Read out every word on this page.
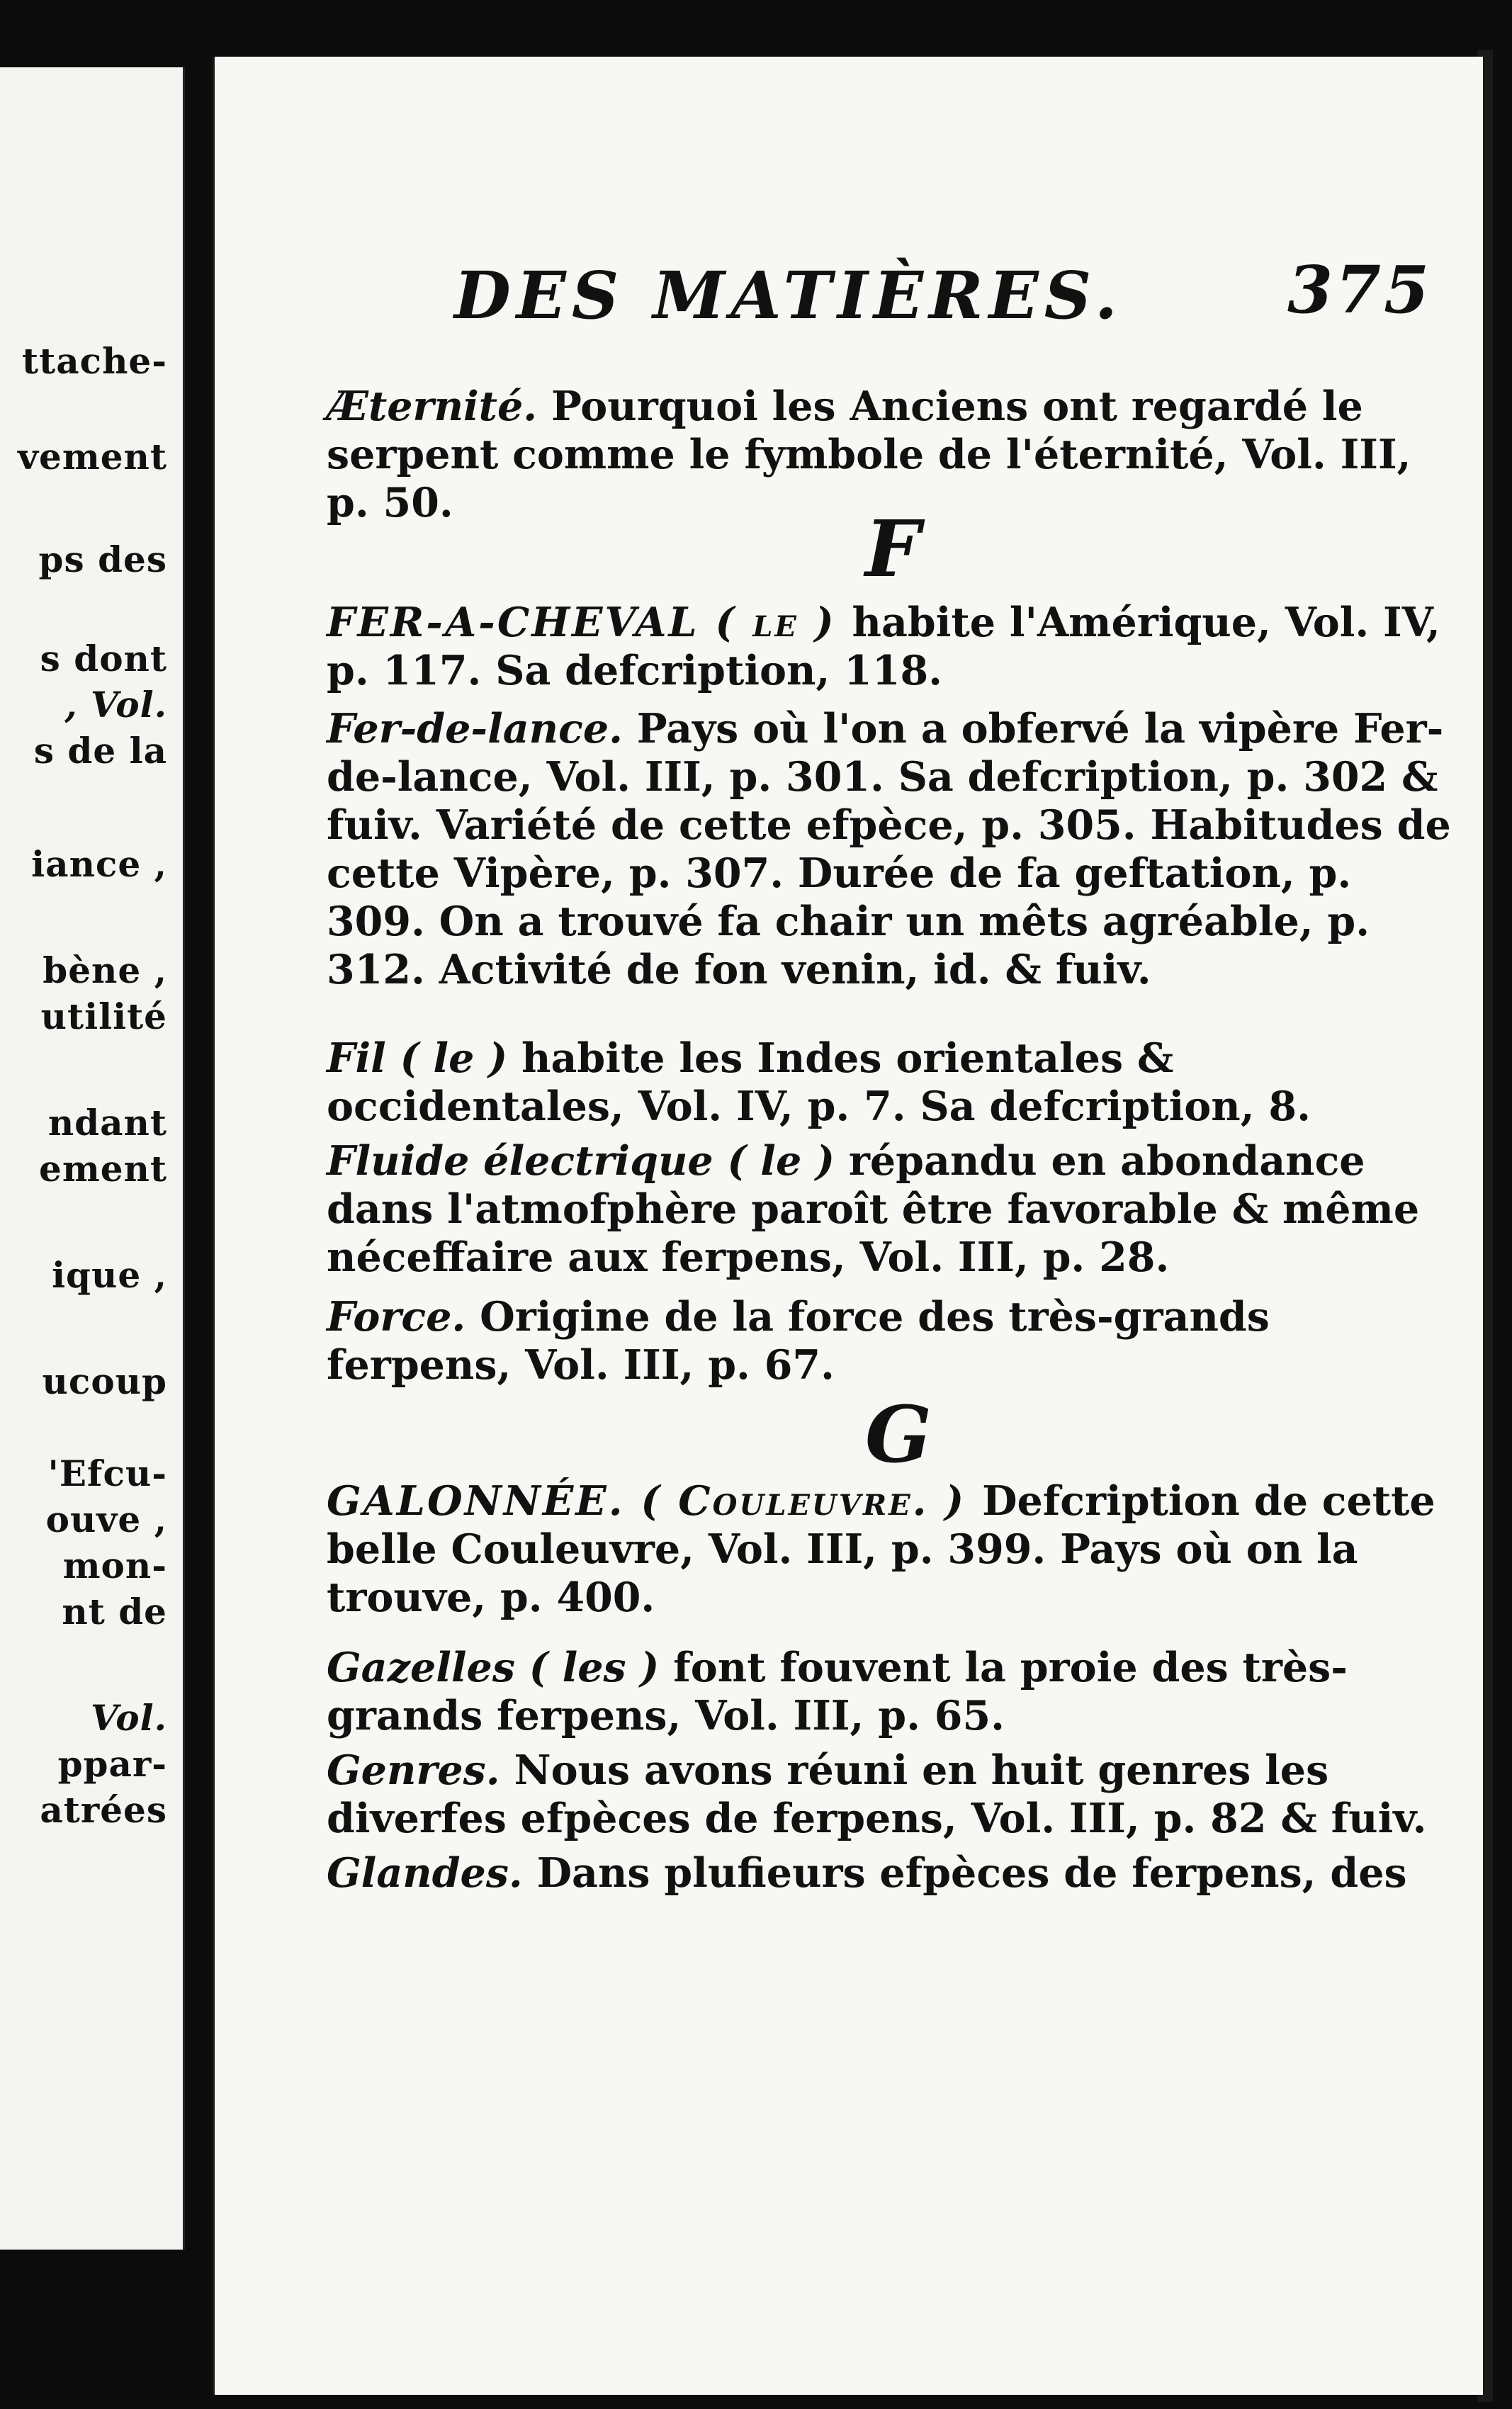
ttache-
vement
ps des
s dont
, Vol.
s de la
iance ,
bène ,
utilité
ndant
ement
ique ,
ucoup
'Efcu-
ouve ,
mon-
nt de
Vol.
ppar-
atrées
DES MATIÈRES.	375
Æternité. Pourquoi les Anciens ont regardé le serpent comme le fymbole de l'éternité, Vol. III, p. 50.
F
FER-A-CHEVAL ( le ) habite l'Amérique, Vol. IV, p. 117. Sa defcription, 118.
Fer-de-lance. Pays où l'on a obfervé la vipère Fer-de-lance, Vol. III, p. 301. Sa defcription, p. 302 & fuiv. Variété de cette efpèce, p. 305. Habitudes de cette Vipère, p. 307. Durée de fa geftation, p. 309. On a trouvé fa chair un mêts agréable, p. 312. Activité de fon venin, id. & fuiv.
Fil ( le ) habite les Indes orientales & occidentales, Vol. IV, p. 7. Sa defcription, 8.
Fluide électrique ( le ) répandu en abondance dans l'atmofphère paroît être favorable & même néceffaire aux ferpens, Vol. III, p. 28.
Force. Origine de la force des très-grands ferpens, Vol. III, p. 67.
G
GALONNÉE. ( Couleuvre. ) Defcription de cette belle Couleuvre, Vol. III, p. 399. Pays où on la trouve, p. 400.
Gazelles ( les ) font fouvent la proie des très-grands ferpens, Vol. III, p. 65.
Genres. Nous avons réuni en huit genres les diverfes efpèces de ferpens, Vol. III, p. 82 & fuiv.
Glandes. Dans plufieurs efpèces de ferpens, des
